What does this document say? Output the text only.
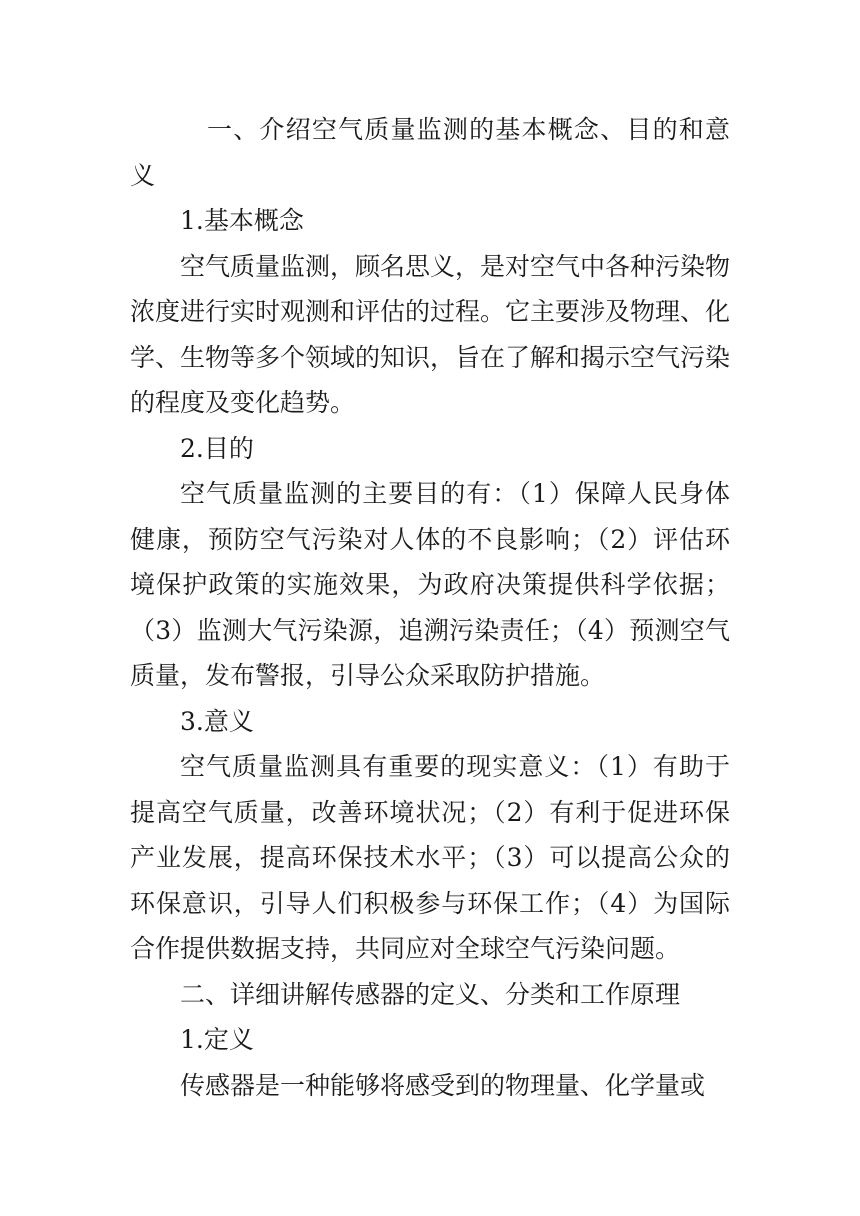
一、介绍空气质量监测的基本概念、目的和意义

1.基本概念

空气质量监测，顾名思义，是对空气中各种污染物浓度进行实时观测和评估的过程。它主要涉及物理、化学、生物等多个领域的知识，旨在了解和揭示空气污染的程度及变化趋势。

2.目的

空气质量监测的主要目的有：（1）保障人民身体健康，预防空气污染对人体的不良影响；（2）评估环境保护政策的实施效果，为政府决策提供科学依据；（3）监测大气污染源，追溯污染责任；（4）预测空气质量，发布警报，引导公众采取防护措施。

3.意义

空气质量监测具有重要的现实意义：（1）有助于提高空气质量，改善环境状况；（2）有利于促进环保产业发展，提高环保技术水平；（3）可以提高公众的环保意识，引导人们积极参与环保工作；（4）为国际合作提供数据支持，共同应对全球空气污染问题。

二、详细讲解传感器的定义、分类和工作原理

1.定义

传感器是一种能够将感受到的物理量、化学量或
